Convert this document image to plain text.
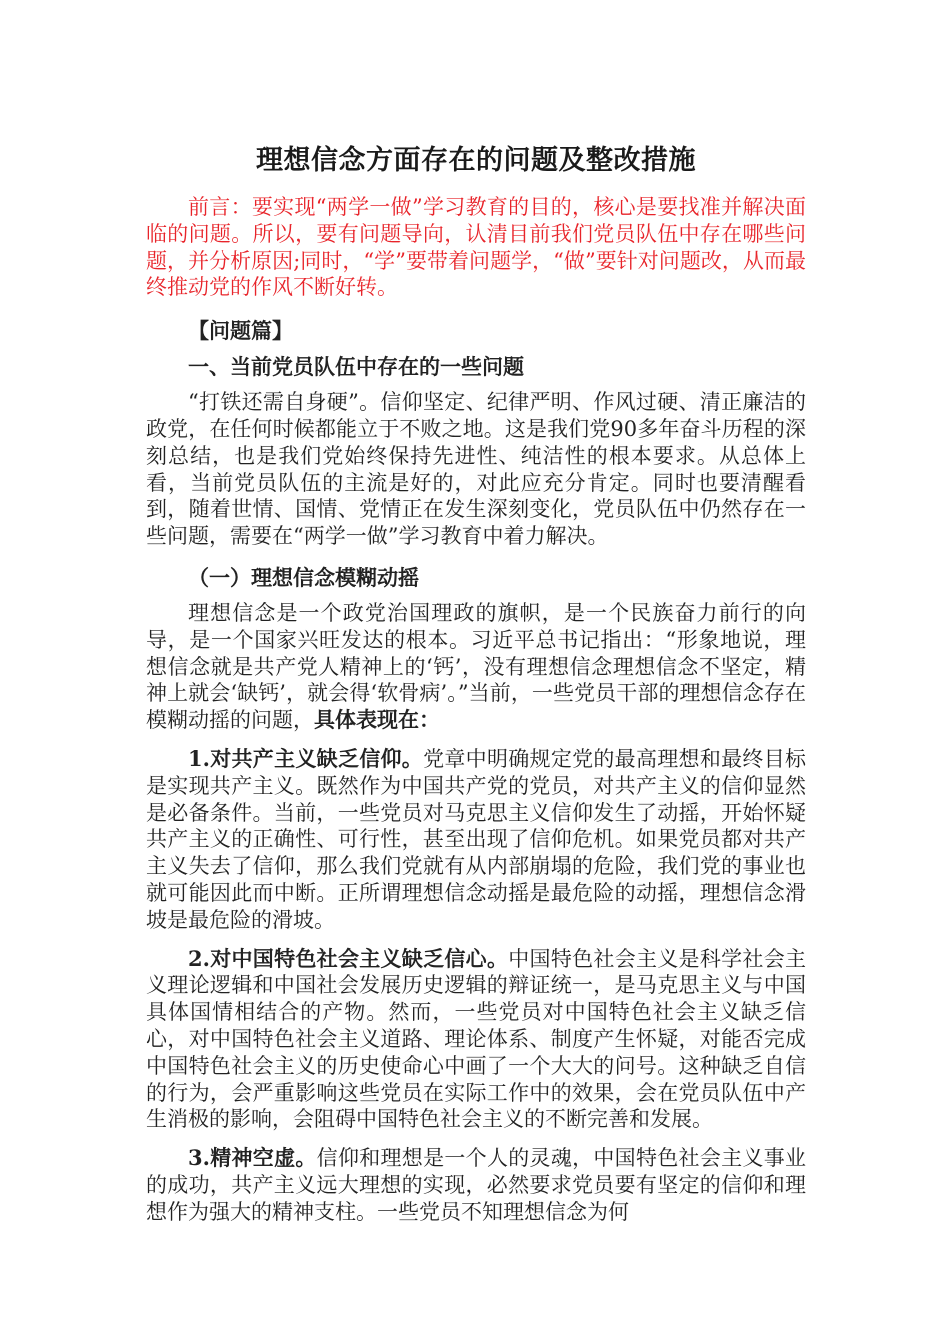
理想信念方面存在的问题及整改措施

前言：要实现“两学一做”学习教育的目的，核心是要找准并解决面临的问题。所以，要有问题导向，认清目前我们党员队伍中存在哪些问题，并分析原因;同时，“学”要带着问题学，“做”要针对问题改，从而最终推动党的作风不断好转。

【问题篇】

一、当前党员队伍中存在的一些问题

“打铁还需自身硬”。信仰坚定、纪律严明、作风过硬、清正廉洁的政党，在任何时候都能立于不败之地。这是我们党90多年奋斗历程的深刻总结，也是我们党始终保持先进性、纯洁性的根本要求。从总体上看，当前党员队伍的主流是好的，对此应充分肯定。同时也要清醒看到，随着世情、国情、党情正在发生深刻变化，党员队伍中仍然存在一些问题，需要在“两学一做”学习教育中着力解决。

（一）理想信念模糊动摇

理想信念是一个政党治国理政的旗帜，是一个民族奋力前行的向导，是一个国家兴旺发达的根本。习近平总书记指出：“形象地说，理想信念就是共产党人精神上的‘钙’，没有理想信念理想信念不坚定，精神上就会‘缺钙’，就会得‘软骨病’。”当前，一些党员干部的理想信念存在模糊动摇的问题，具体表现在：

1.对共产主义缺乏信仰。党章中明确规定党的最高理想和最终目标是实现共产主义。既然作为中国共产党的党员，对共产主义的信仰显然是必备条件。当前，一些党员对马克思主义信仰发生了动摇，开始怀疑共产主义的正确性、可行性，甚至出现了信仰危机。如果党员都对共产主义失去了信仰，那么我们党就有从内部崩塌的危险，我们党的事业也就可能因此而中断。正所谓理想信念动摇是最危险的动摇，理想信念滑坡是最危险的滑坡。

2.对中国特色社会主义缺乏信心。中国特色社会主义是科学社会主义理论逻辑和中国社会发展历史逻辑的辩证统一，是马克思主义与中国具体国情相结合的产物。然而，一些党员对中国特色社会主义缺乏信心，对中国特色社会主义道路、理论体系、制度产生怀疑，对能否完成中国特色社会主义的历史使命心中画了一个大大的问号。这种缺乏自信的行为，会严重影响这些党员在实际工作中的效果，会在党员队伍中产生消极的影响，会阻碍中国特色社会主义的不断完善和发展。

3.精神空虚。信仰和理想是一个人的灵魂，中国特色社会主义事业的成功，共产主义远大理想的实现，必然要求党员要有坚定的信仰和理想作为强大的精神支柱。一些党员不知理想信念为何
